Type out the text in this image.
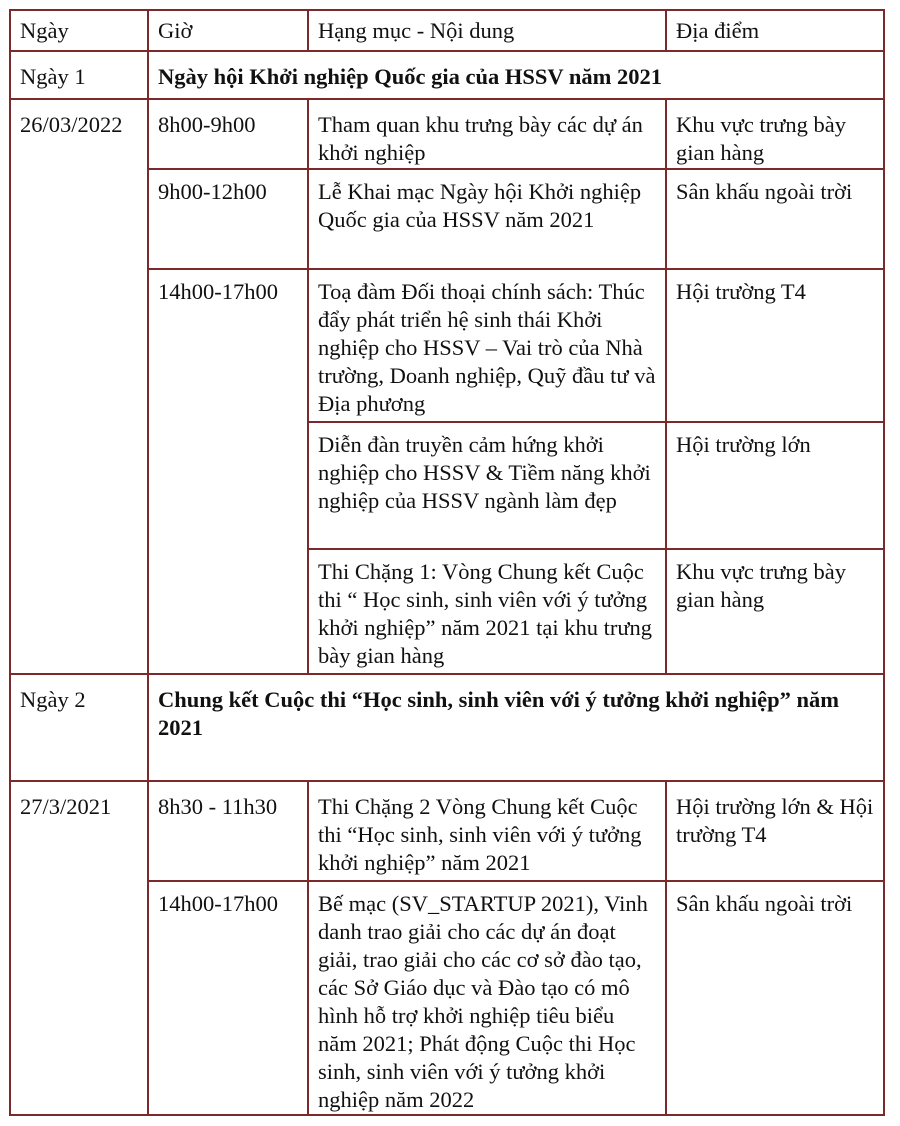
Ngày	Giờ	Hạng mục - Nội dung	Địa điểm
Ngày 1	Ngày hội Khởi nghiệp Quốc gia của HSSV năm 2021		
26/03/2022	8h00-9h00	Tham quan khu trưng bày các dự án khởi nghiệp	Khu vực trưng bày gian hàng
	9h00-12h00	Lễ Khai mạc Ngày hội Khởi nghiệp Quốc gia của HSSV năm 2021	Sân khấu ngoài trời
	14h00-17h00	Toạ đàm Đối thoại chính sách: Thúc đẩy phát triển hệ sinh thái Khởi nghiệp cho HSSV – Vai trò của Nhà trường, Doanh nghiệp, Quỹ đầu tư và Địa phương	Hội trường T4
		Diễn đàn truyền cảm hứng khởi nghiệp cho HSSV & Tiềm năng khởi nghiệp của HSSV ngành làm đẹp	Hội trường lớn
		Thi Chặng 1: Vòng Chung kết Cuộc thi “ Học sinh, sinh viên với ý tưởng khởi nghiệp” năm 2021 tại khu trưng bày gian hàng	Khu vực trưng bày gian hàng
Ngày 2	Chung kết Cuộc thi “Học sinh, sinh viên với ý tưởng khởi nghiệp” năm 2021		
27/3/2021	8h30 - 11h30	Thi Chặng 2 Vòng Chung kết Cuộc thi “Học sinh, sinh viên với ý tưởng khởi nghiệp” năm 2021	Hội trường lớn & Hội trường T4
	14h00-17h00	Bế mạc (SV_STARTUP 2021), Vinh danh trao giải cho các dự án đoạt giải, trao giải cho các cơ sở đào tạo, các Sở Giáo dục và Đào tạo có mô hình hỗ trợ khởi nghiệp tiêu biểu năm 2021; Phát động Cuộc thi Học sinh, sinh viên với ý tưởng khởi nghiệp năm 2022	Sân khấu ngoài trời
